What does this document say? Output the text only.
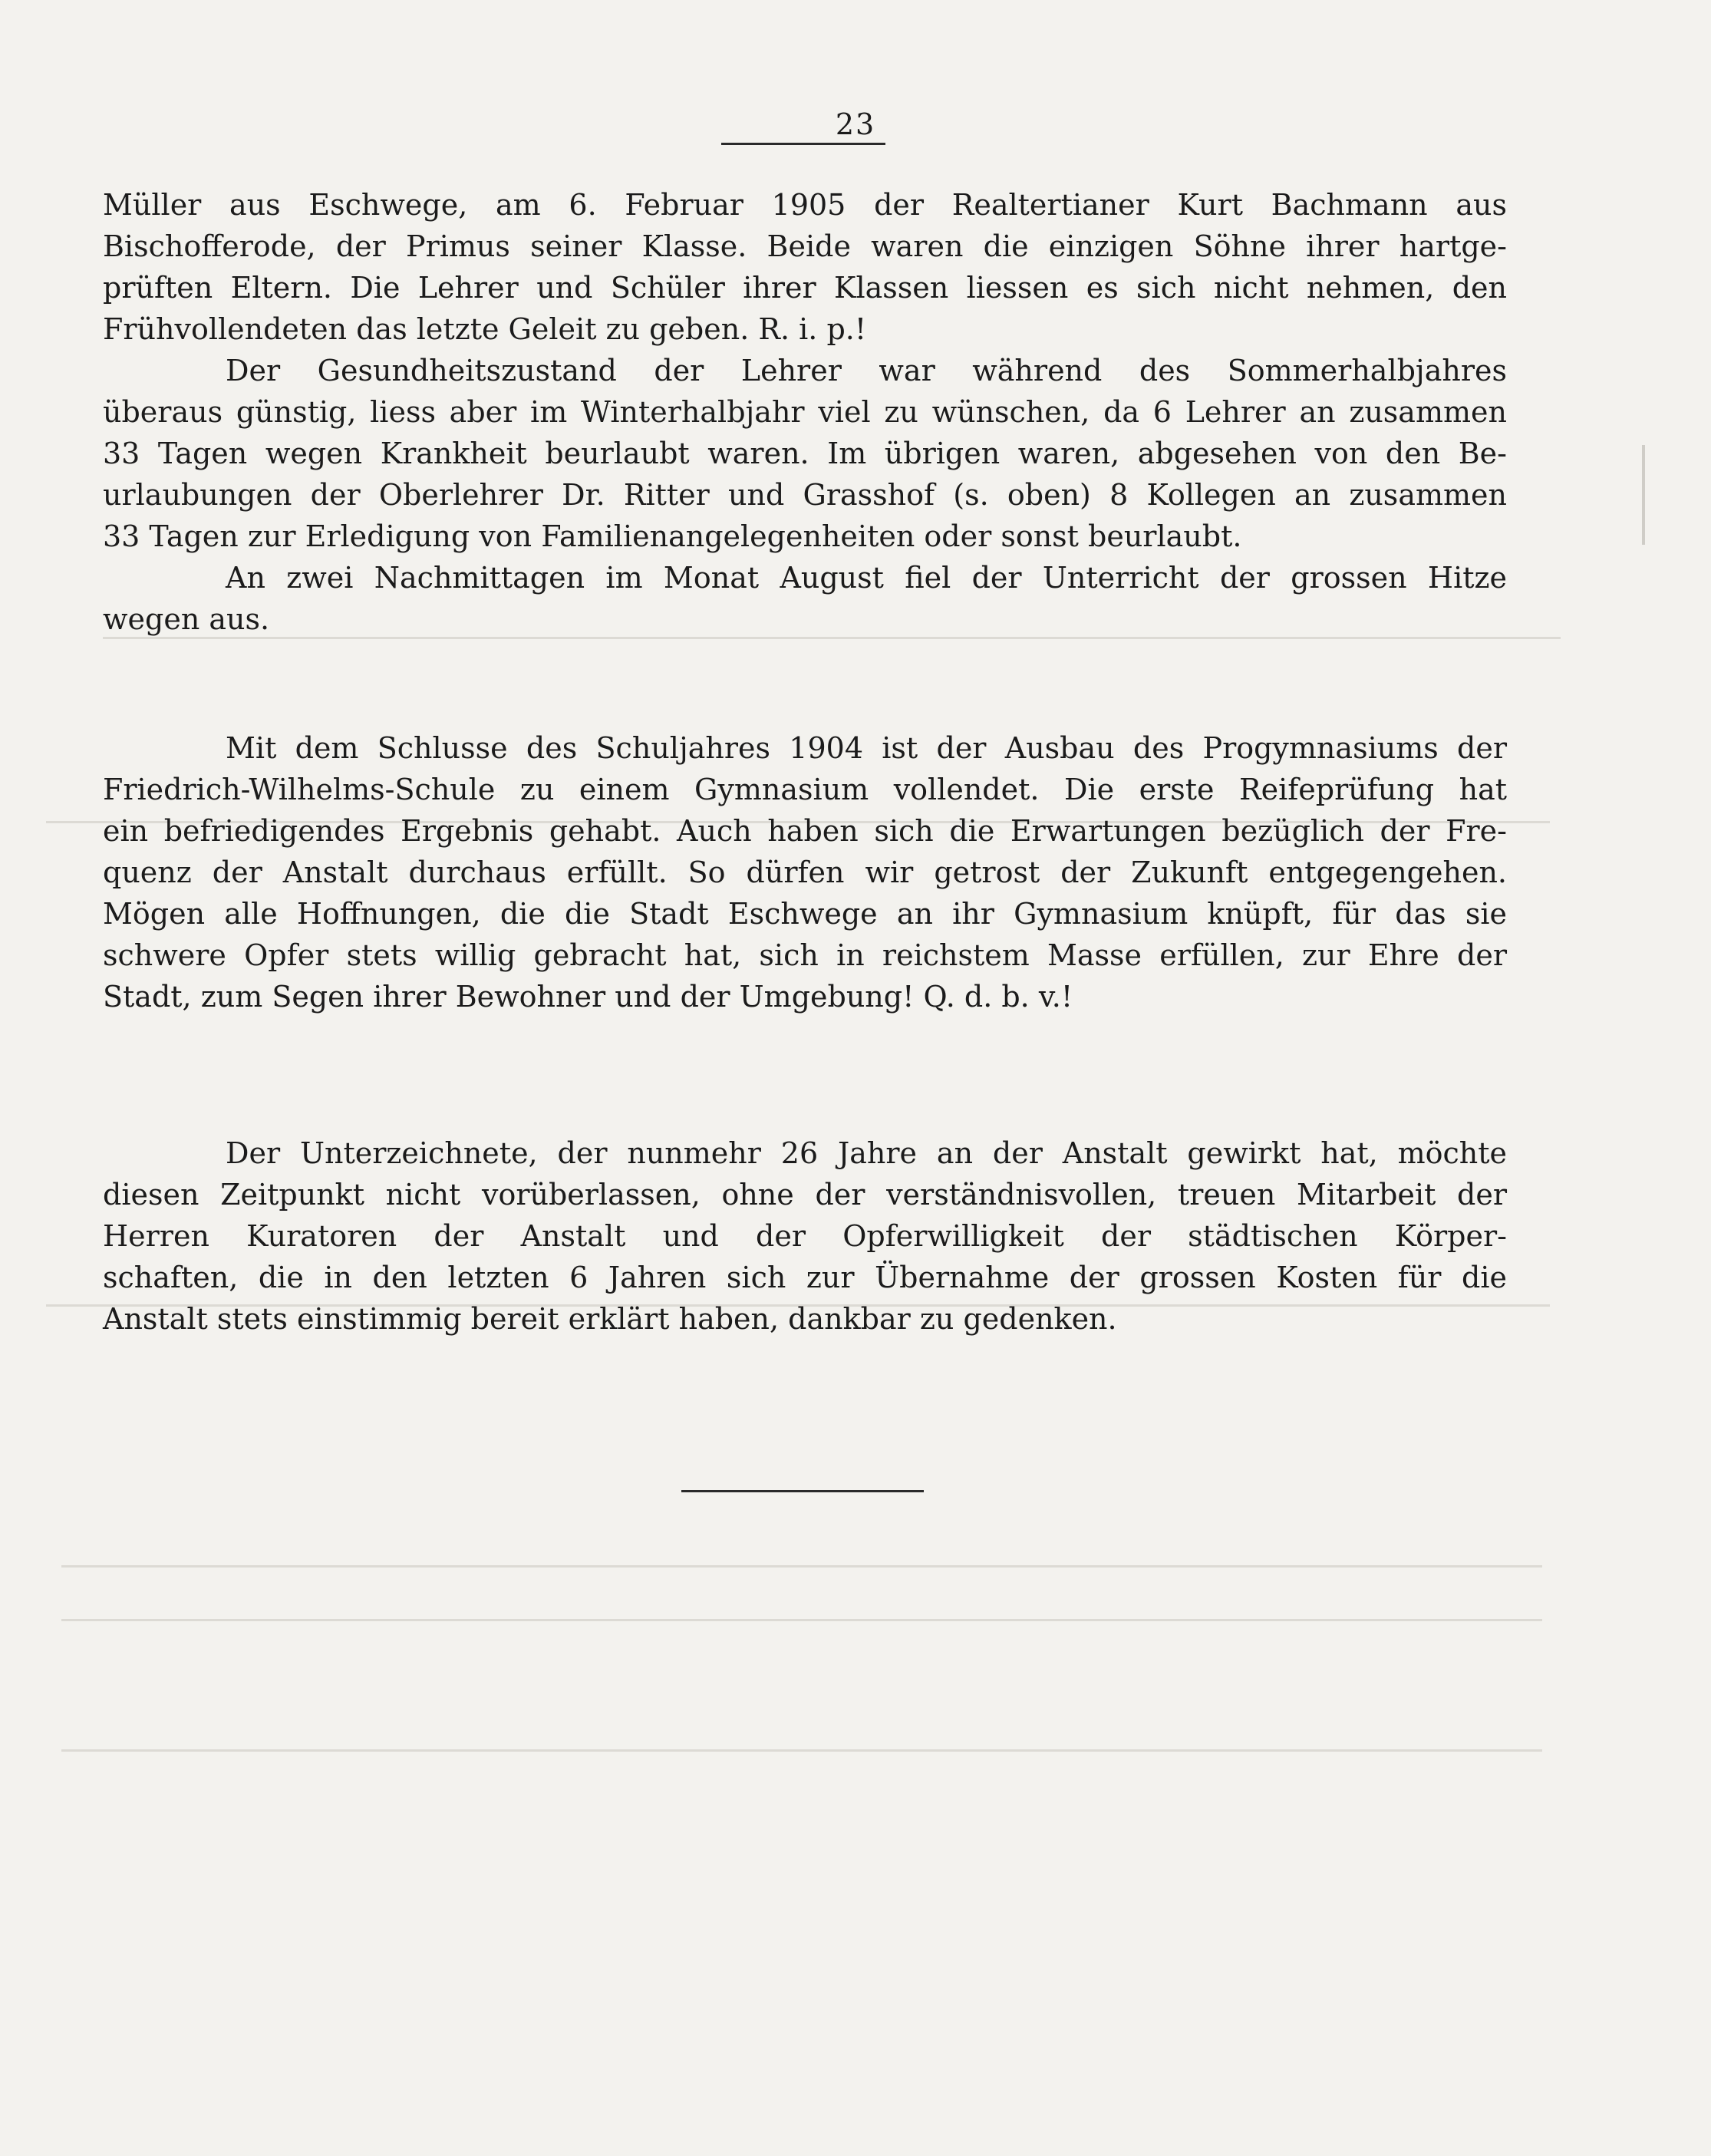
23
Müller aus Eschwege, am 6. Februar 1905 der Realtertianer Kurt Bachmann aus
Bischofferode, der Primus seiner Klasse. Beide waren die einzigen Söhne ihrer hartge-
prüften Eltern. Die Lehrer und Schüler ihrer Klassen liessen es sich nicht nehmen, den
Frühvollendeten das letzte Geleit zu geben. R. i. p.!
Der Gesundheitszustand der Lehrer war während des Sommerhalbjahres
überaus günstig, liess aber im Winterhalbjahr viel zu wünschen, da 6 Lehrer an zusammen
33 Tagen wegen Krankheit beurlaubt waren. Im übrigen waren, abgesehen von den Be-
urlaubungen der Oberlehrer Dr. Ritter und Grasshof (s. oben) 8 Kollegen an zusammen
33 Tagen zur Erledigung von Familienangelegenheiten oder sonst beurlaubt.
An zwei Nachmittagen im Monat August fiel der Unterricht der grossen Hitze
wegen aus.
Mit dem Schlusse des Schuljahres 1904 ist der Ausbau des Progymnasiums der
Friedrich-Wilhelms-Schule zu einem Gymnasium vollendet. Die erste Reifeprüfung hat
ein befriedigendes Ergebnis gehabt. Auch haben sich die Erwartungen bezüglich der Fre-
quenz der Anstalt durchaus erfüllt. So dürfen wir getrost der Zukunft entgegengehen.
Mögen alle Hoffnungen, die die Stadt Eschwege an ihr Gymnasium knüpft, für das sie
schwere Opfer stets willig gebracht hat, sich in reichstem Masse erfüllen, zur Ehre der
Stadt, zum Segen ihrer Bewohner und der Umgebung! Q. d. b. v.!
Der Unterzeichnete, der nunmehr 26 Jahre an der Anstalt gewirkt hat, möchte
diesen Zeitpunkt nicht vorüberlassen, ohne der verständnisvollen, treuen Mitarbeit der
Herren Kuratoren der Anstalt und der Opferwilligkeit der städtischen Körper-
schaften, die in den letzten 6 Jahren sich zur Übernahme der grossen Kosten für die
Anstalt stets einstimmig bereit erklärt haben, dankbar zu gedenken.
